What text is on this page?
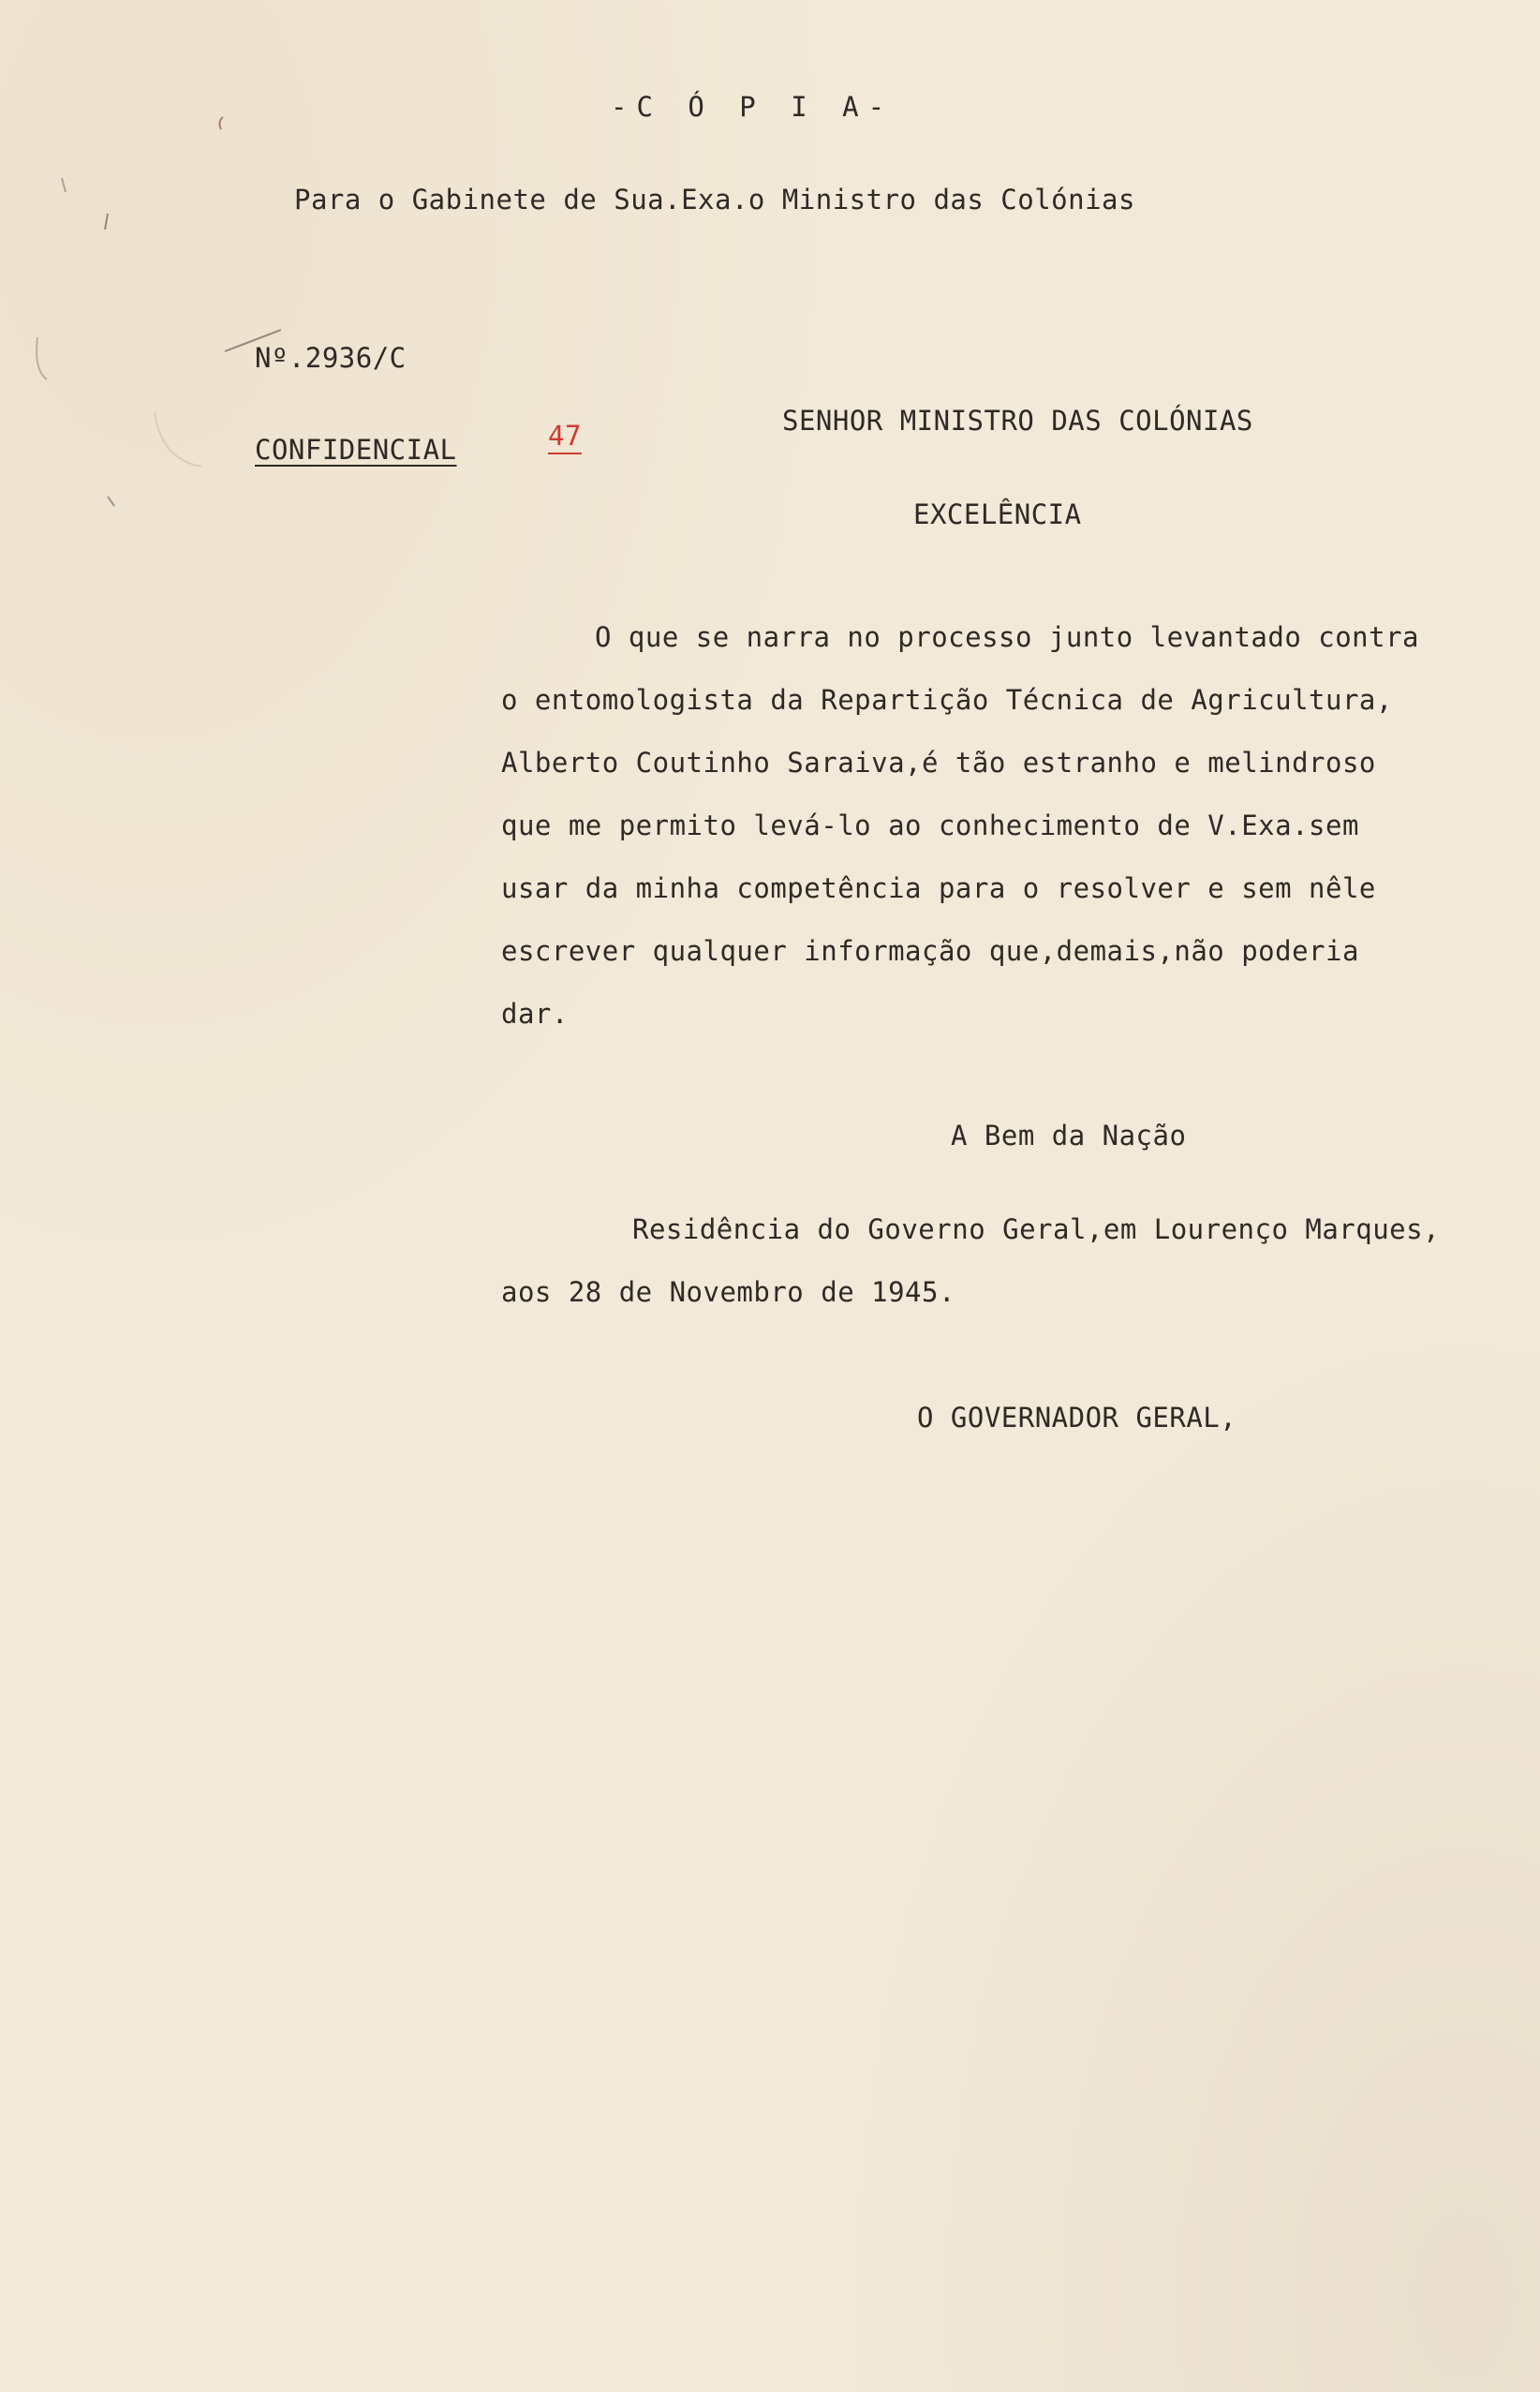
-C Ó P I A-

Para o Gabinete de Sua.Exa.o Ministro das Colónias

Nº.2936/C

CONFIDENCIAL	47	SENHOR MINISTRO DAS COLÓNIAS

EXCELÊNCIA

O que se narra no processo junto levantado contra
o entomologista da Repartição Técnica de Agricultura,
Alberto Coutinho Saraiva,é tão estranho e melindroso
que me permito levá-lo ao conhecimento de V.Exa.sem
usar da minha competência para o resolver e sem nêle
escrever qualquer informação que,demais,não poderia
dar.

A Bem da Nação

Residência do Governo Geral,em Lourenço Marques,

aos 28 de Novembro de 1945.

O GOVERNADOR GERAL,
